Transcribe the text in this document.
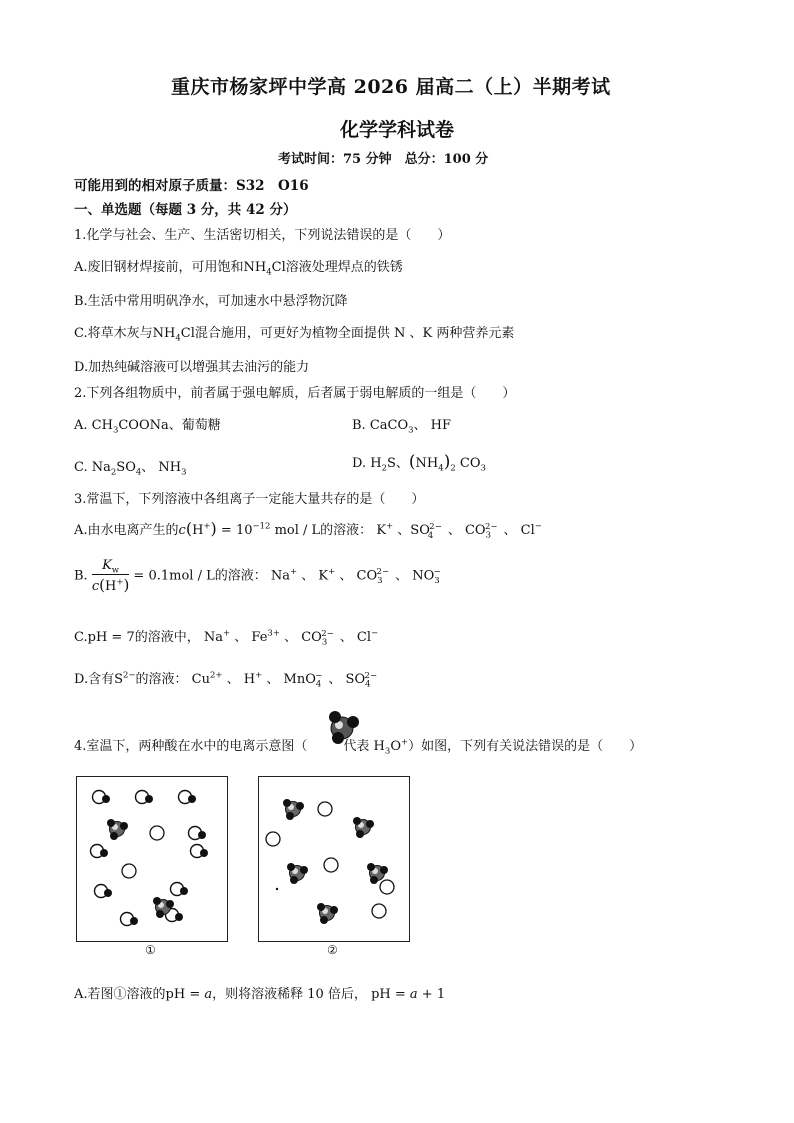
重庆市杨家坪中学高 2026 届高二（上）半期考试
化学学科试卷
考试时间：75 分钟　总分：100 分
可能用到的相对原子质量：S32　O16
一、单选题（每题 3 分，共 42 分）
1.化学与社会、生产、生活密切相关，下列说法错误的是（　　）
A.废旧钢材焊接前，可用饱和$NH_4Cl$溶液处理焊点的铁锈
B.生活中常用明矾净水，可加速水中悬浮物沉降
C.将草木灰与$NH_4Cl$混合施用，可更好为植物全面提供 N 、K 两种营养元素
D.加热纯碱溶液可以增强其去油污的能力
2.下列各组物质中，前者属于强电解质，后者属于弱电解质的一组是（　　）
A. $CH_3COONa$、葡萄糖	B. CaCO$_3$、 HF
C. $Na_2SO_4$、 $NH_3$
D. $H_2S$、$(NH_4)_2$ $CO_3$
3.常温下，下列溶液中各组离子一定能大量共存的是（　　）
A.由水电离产生的$c(H^+) = 10^{-12}$ mol / L的溶液： K+ 、$SO_4^{2-}$ 、 $CO_3^{2-}$ 、 Cl−
B. $\frac{K_w}{c(H^+)} = 0.1mol / L$的溶液： Na+ 、 K+ 、 $CO_3^{2-}$ 、 $NO_3^-$
C.pH = 7的溶液中， Na+ 、 $Fe^{3+}$ 、 $CO_3^{2-}$ 、 Cl−
D.含有$S^{2-}$的溶液： $Cu^{2+}$ 、 H+ 、 MnO$_4$− 、 $SO_4^{2-}$
4.室温下，两种酸在水中的电离示意图（	代表 $H_3O^+$）如图，下列有关说法错误的是（　　）
①	②
A.若图①溶液的pH = a，则将溶液稀释 10 倍后， pH = a + 1
